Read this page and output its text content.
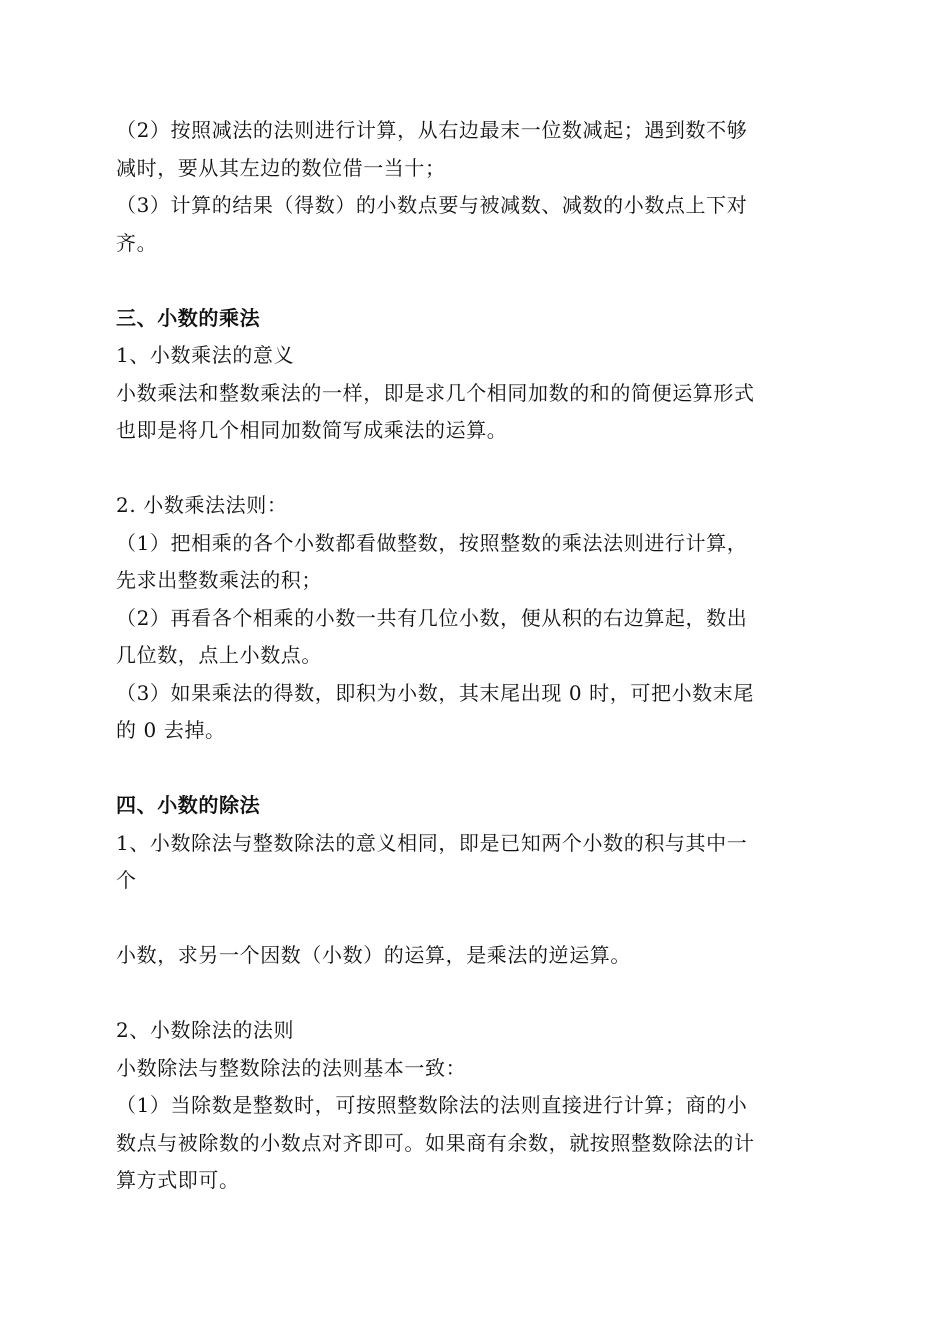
（2）按照减法的法则进行计算，从右边最末一位数减起；遇到数不够
减时，要从其左边的数位借一当十；
（3）计算的结果（得数）的小数点要与被减数、减数的小数点上下对
齐。
三、小数的乘法
1、小数乘法的意义
小数乘法和整数乘法的一样，即是求几个相同加数的和的简便运算形式
也即是将几个相同加数简写成乘法的运算。
2. 小数乘法法则：
（1）把相乘的各个小数都看做整数，按照整数的乘法法则进行计算，
先求出整数乘法的积；
（2）再看各个相乘的小数一共有几位小数，便从积的右边算起，数出
几位数，点上小数点。
（3）如果乘法的得数，即积为小数，其末尾出现 0 时，可把小数末尾
的 0 去掉。
四、小数的除法
1、小数除法与整数除法的意义相同，即是已知两个小数的积与其中一
个
小数，求另一个因数（小数）的运算，是乘法的逆运算。
2、小数除法的法则
小数除法与整数除法的法则基本一致：
（1）当除数是整数时，可按照整数除法的法则直接进行计算；商的小
数点与被除数的小数点对齐即可。如果商有余数，就按照整数除法的计
算方式即可。
